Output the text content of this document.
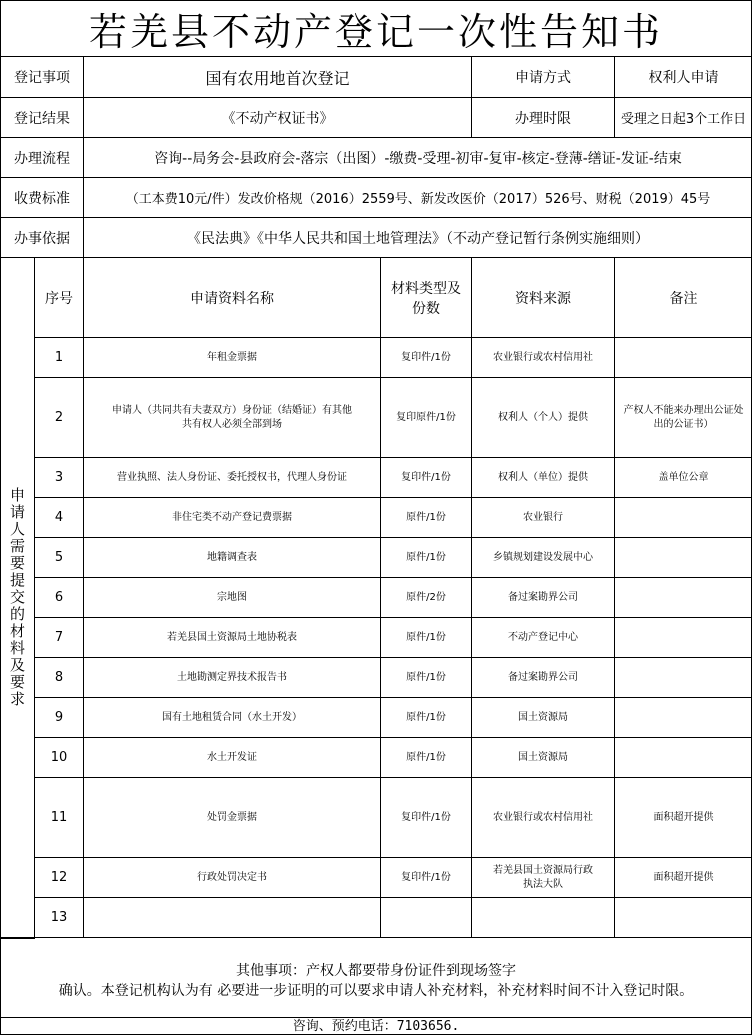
若羌县不动产登记一次性告知书
登记事项		国有农用地首次登记		申请方式	权利人申请
登记结果		《不动产权证书》		办理时限	受理之日起3个工作日
办理流程		咨询--局务会-县政府会-落宗（出图）-缴费-受理-初审-复审-核定-登薄-缮证-发证-结束			
收费标准		（工本费10元/件）发改价格规（2016）2559号、新发改医价（2017）526号、财税（2019）45号			
办事依据		《民法典》《中华人民共和国土地管理法》（不动产登记暂行条例实施细则）			
申请人需要提交的材料及要求	序号	申请资料名称	材料类型及份数	资料来源	备注
	1	年租金票据	复印件/1份	农业银行或农村信用社	
	2	申请人（共同共有夫妻双方）身份证（结婚证）有其他共有权人必须全部到场	复印原件/1份	权利人（个人）提供	产权人不能来办理出公证处出的公证书）
	3	营业执照、法人身份证、委托授权书，代理人身份证	复印件/1份	权利人（单位）提供	盖单位公章
	4	非住宅类不动产登记费票据	原件/1份	农业银行	
	5	地籍调查表	原件/1份	乡镇规划建设发展中心	
	6	宗地图	原件/2份	备过案勘界公司	
	7	若羌县国土资源局土地协税表	原件/1份	不动产登记中心	
	8	土地勘测定界技术报告书	原件/1份	备过案勘界公司	
	9	国有土地租赁合同（水土开发）	原件/1份	国土资源局	
	10	水土开发证	原件/1份	国土资源局	
	11	处罚金票据	复印件/1份	农业银行或农村信用社	面积超开提供
	12	行政处罚决定书	复印件/1份	若羌县国土资源局行政执法大队	面积超开提供
	13				

其他事项：产权人都要带身份证件到现场签字
确认。本登记机构认为有 必要进一步证明的可以要求申请人补充材料，补充材料时间不计入登记时限。
咨询、预约电话：7103656.
